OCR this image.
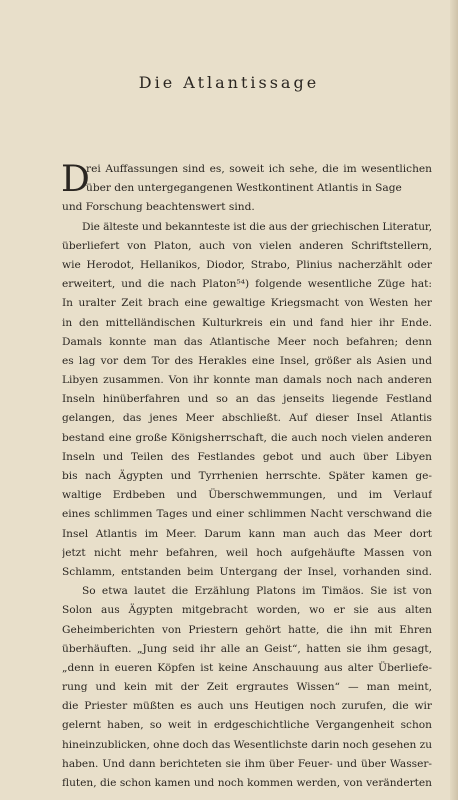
Die Atlantissage
D
rei Auffassungen sind es, soweit ich sehe, die im wesentlichen
über den untergegangenen Westkontinent Atlantis in Sage
und Forschung beachtenswert sind.
Die älteste und bekannteste ist die aus der griechischen Literatur,
überliefert von Platon, auch von vielen anderen Schriftstellern,
wie Herodot, Hellanikos, Diodor, Strabo, Plinius nacherzählt oder
erweitert, und die nach Platon⁵⁴) folgende wesentliche Züge hat:
In uralter Zeit brach eine gewaltige Kriegsmacht von Westen her
in den mittelländischen Kulturkreis ein und fand hier ihr Ende.
Damals konnte man das Atlantische Meer noch befahren; denn
es lag vor dem Tor des Herakles eine Insel, größer als Asien und
Libyen zusammen. Von ihr konnte man damals noch nach anderen
Inseln hinüberfahren und so an das jenseits liegende Festland
gelangen, das jenes Meer abschließt. Auf dieser Insel Atlantis
bestand eine große Königsherrschaft, die auch noch vielen anderen
Inseln und Teilen des Festlandes gebot und auch über Libyen
bis nach Ägypten und Tyrrhenien herrschte. Später kamen ge-
waltige Erdbeben und Überschwemmungen, und im Verlauf
eines schlimmen Tages und einer schlimmen Nacht verschwand die
Insel Atlantis im Meer. Darum kann man auch das Meer dort
jetzt nicht mehr befahren, weil hoch aufgehäufte Massen von
Schlamm, entstanden beim Untergang der Insel, vorhanden sind.
So etwa lautet die Erzählung Platons im Timäos. Sie ist von
Solon aus Ägypten mitgebracht worden, wo er sie aus alten
Geheimberichten von Priestern gehört hatte, die ihn mit Ehren
überhäuften. „Jung seid ihr alle an Geist“, hatten sie ihm gesagt,
„denn in eueren Köpfen ist keine Anschauung aus alter Überliefe-
rung und kein mit der Zeit ergrautes Wissen“ — man meint,
die Priester müßten es auch uns Heutigen noch zurufen, die wir
gelernt haben, so weit in erdgeschichtliche Vergangenheit schon
hineinzublicken, ohne doch das Wesentlichste darin noch gesehen zu
haben. Und dann berichteten sie ihm über Feuer- und über Wasser-
fluten, die schon kamen und noch kommen werden, von veränderten
